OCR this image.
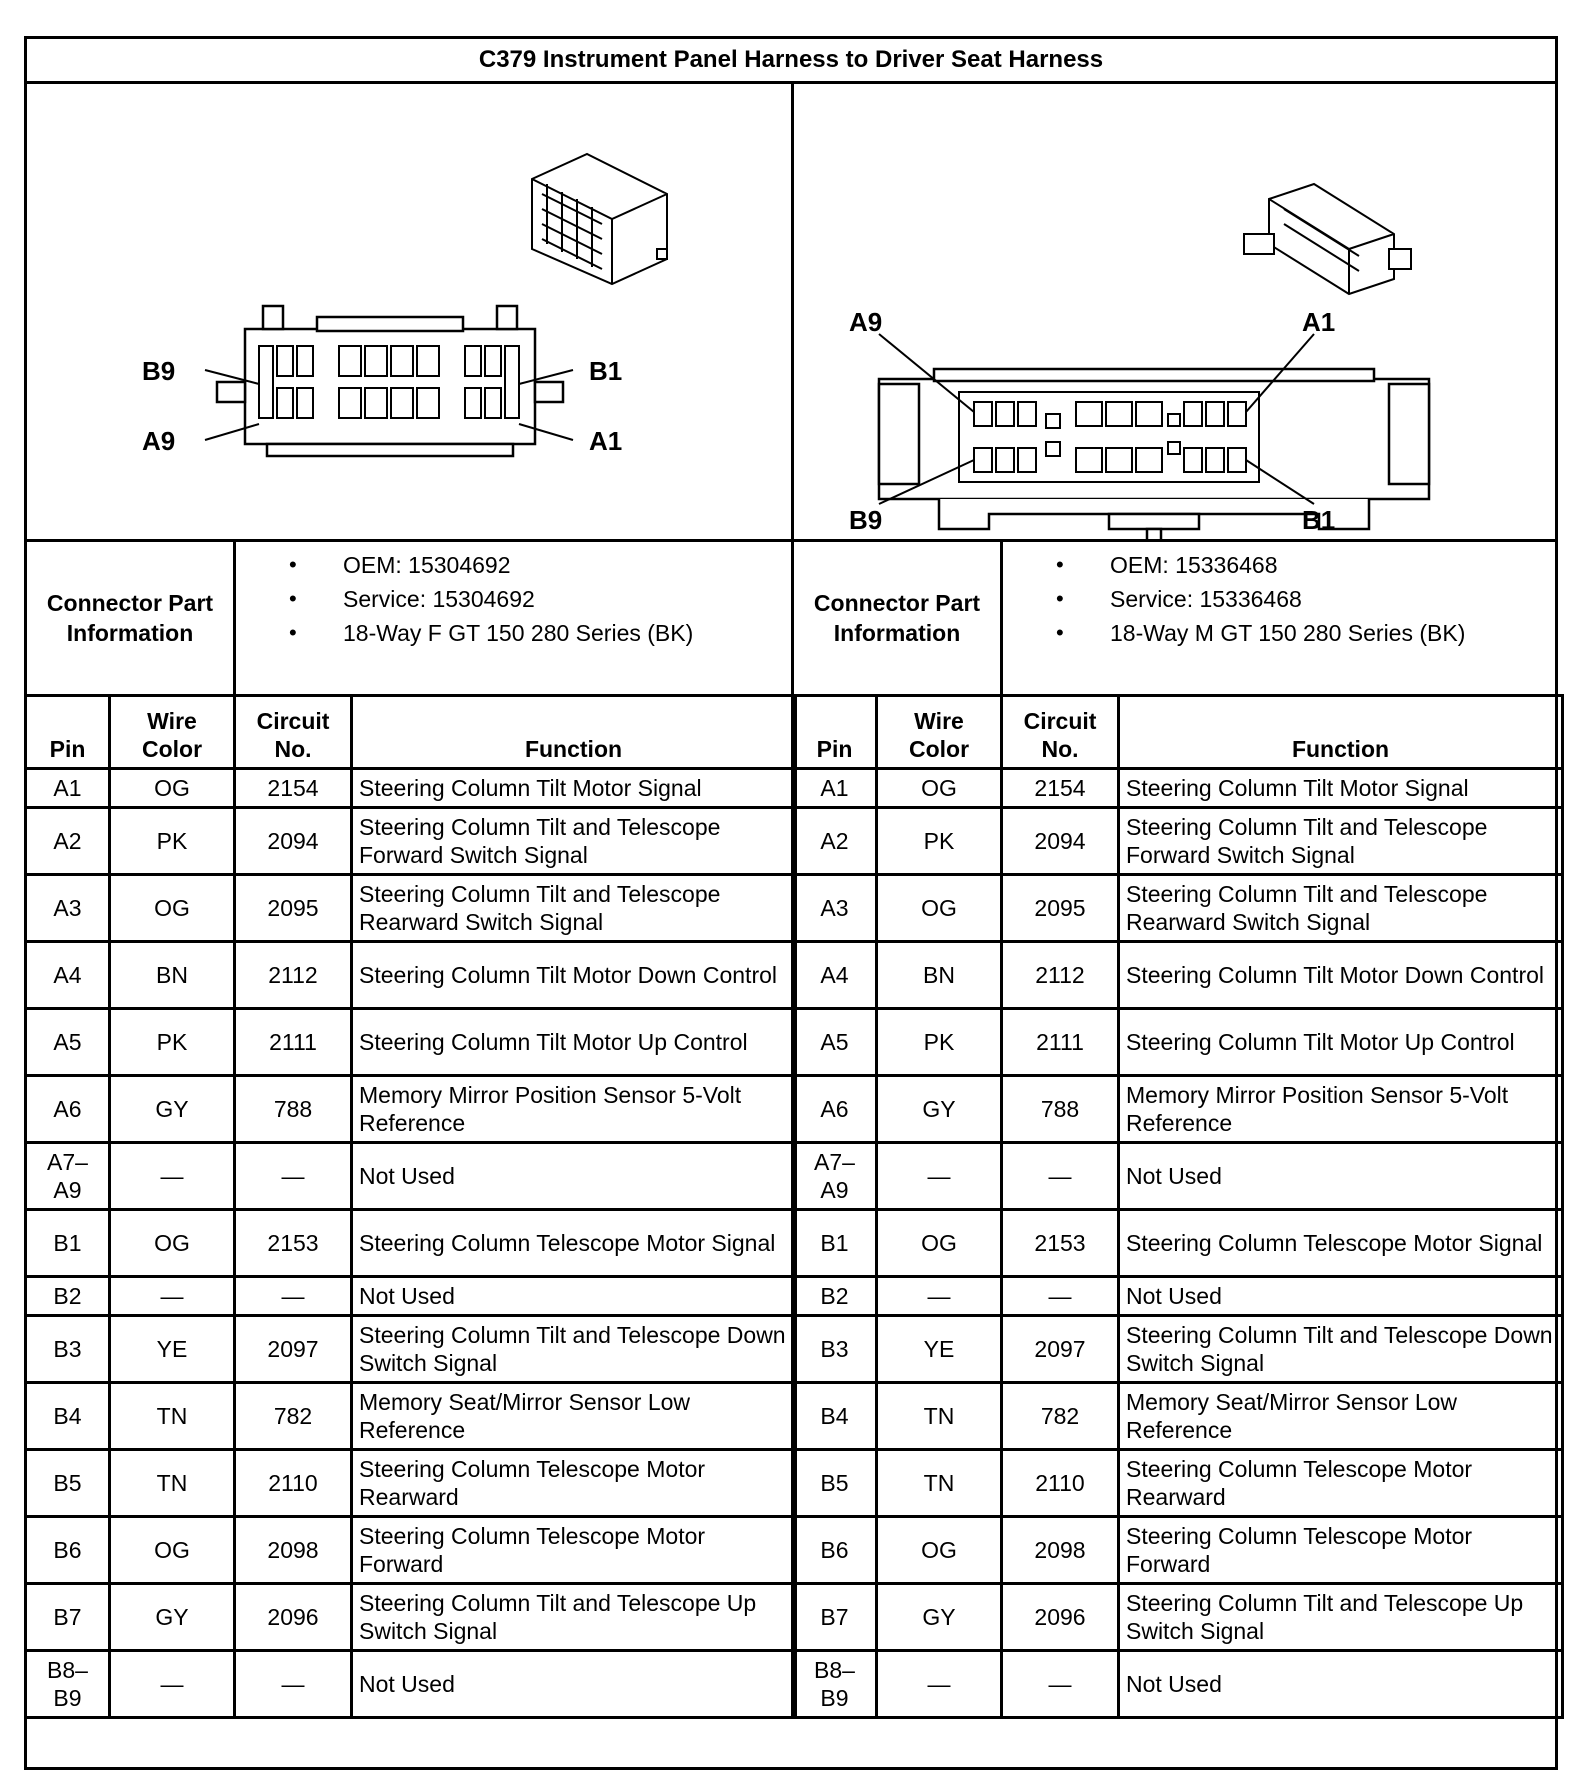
C379 Instrument Panel Harness to Driver Seat Harness
B9
A9
B1
A1
A9
B9
A1
B1
Connector Part Information
• OEM: 15304692
• Service: 15304692
• 18-Way F GT 150 280 Series (BK)
Connector Part Information
• OEM: 15336468
• Service: 15336468
• 18-Way M GT 150 280 Series (BK)
Pin	Wire Color	Circuit No.	Function
A1	OG	2154	Steering Column Tilt Motor Signal
A2	PK	2094	Steering Column Tilt and Telescope Forward Switch Signal
A3	OG	2095	Steering Column Tilt and Telescope Rearward Switch Signal
A4	BN	2112	Steering Column Tilt Motor Down Control
A5	PK	2111	Steering Column Tilt Motor Up Control
A6	GY	788	Memory Mirror Position Sensor 5-Volt Reference
A7–
A9	—	—	Not Used
B1	OG	2153	Steering Column Telescope Motor Signal
B2	—	—	Not Used
B3	YE	2097	Steering Column Tilt and Telescope Down Switch Signal
B4	TN	782	Memory Seat/Mirror Sensor Low Reference
B5	TN	2110	Steering Column Telescope Motor Rearward
B6	OG	2098	Steering Column Telescope Motor Forward
B7	GY	2096	Steering Column Tilt and Telescope Up Switch Signal
B8–
B9	—	—	Not Used
Pin	Wire Color	Circuit No.	Function
A1	OG	2154	Steering Column Tilt Motor Signal
A2	PK	2094	Steering Column Tilt and Telescope Forward Switch Signal
A3	OG	2095	Steering Column Tilt and Telescope Rearward Switch Signal
A4	BN	2112	Steering Column Tilt Motor Down Control
A5	PK	2111	Steering Column Tilt Motor Up Control
A6	GY	788	Memory Mirror Position Sensor 5-Volt Reference
A7–
A9	—	—	Not Used
B1	OG	2153	Steering Column Telescope Motor Signal
B2	—	—	Not Used
B3	YE	2097	Steering Column Tilt and Telescope Down Switch Signal
B4	TN	782	Memory Seat/Mirror Sensor Low Reference
B5	TN	2110	Steering Column Telescope Motor Rearward
B6	OG	2098	Steering Column Telescope Motor Forward
B7	GY	2096	Steering Column Tilt and Telescope Up Switch Signal
B8–
B9	—	—	Not Used
